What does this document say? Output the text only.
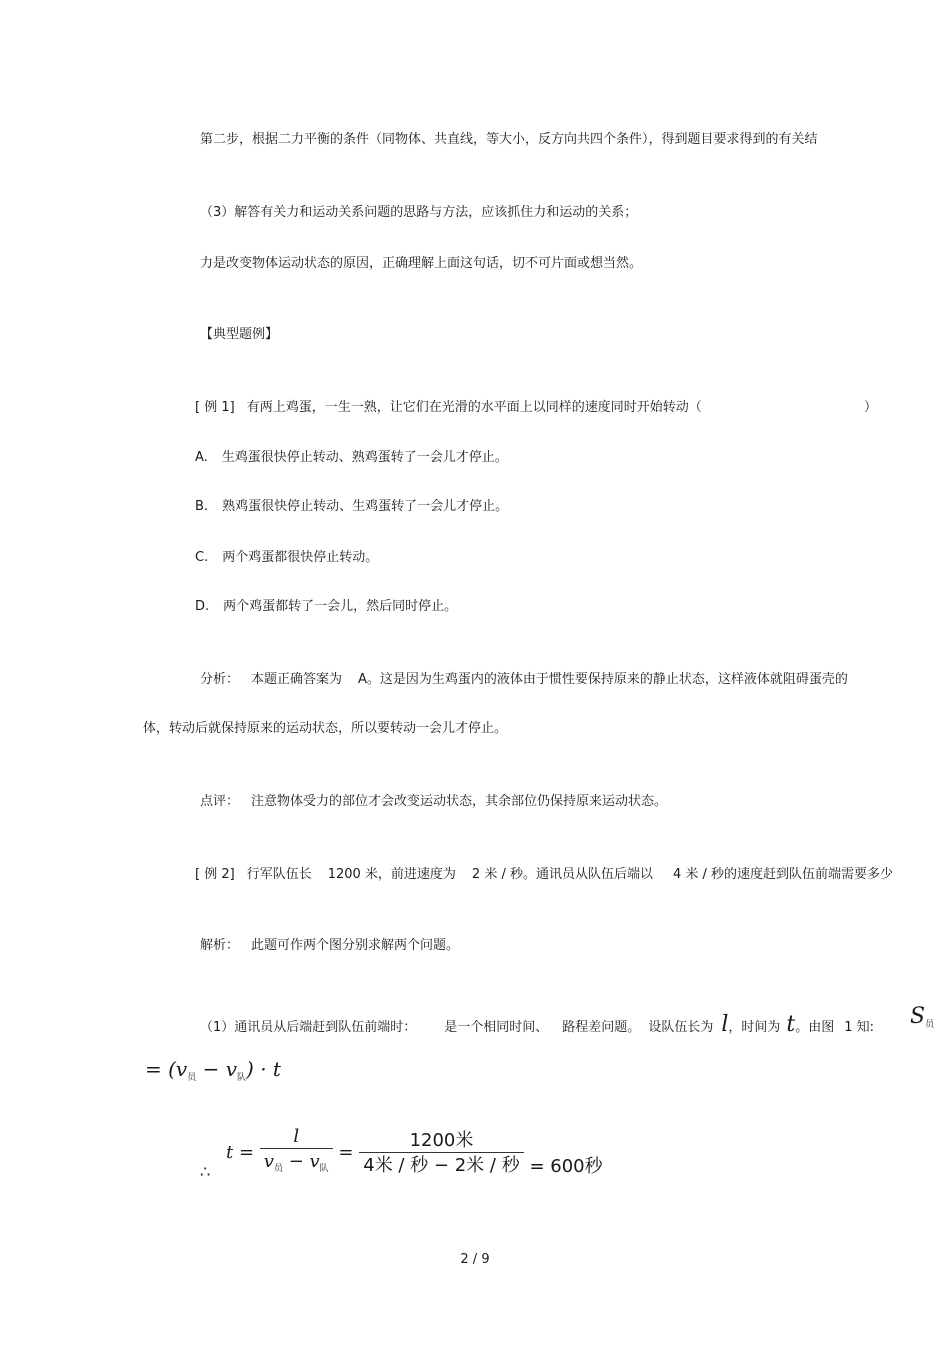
第二步，根据二力平衡的条件（同物体、共直线，等大小，反方向共四个条件），得到题目要求得到的有关结
（3）解答有关力和运动关系问题的思路与方法，应该抓住力和运动的关系；
力是改变物体运动状态的原因，正确理解上面这句话，切不可片面或想当然。
【典型题例】
[ 例 1] 有两上鸡蛋，一生一熟，让它们在光滑的水平面上以同样的速度同时开始转动（	）
A. 生鸡蛋很快停止转动、熟鸡蛋转了一会儿才停止。
B. 熟鸡蛋很快停止转动、生鸡蛋转了一会儿才停止。
C. 两个鸡蛋都很快停止转动。
D. 两个鸡蛋都转了一会儿，然后同时停止。
分析： 本题正确答案为 A。这是因为生鸡蛋内的液体由于惯性要保持原来的静止状态，这样液体就阻碍蛋壳的
体，转动后就保持原来的运动状态，所以要转动一会儿才停止。
点评： 注意物体受力的部位才会改变运动状态，其余部位仍保持原来运动状态。
[ 例 2] 行军队伍长 1200 米，前进速度为 2 米 / 秒。通讯员从队伍后端以 4 米 / 秒的速度赶到队伍前端需要多少
解析： 此题可作两个图分别求解两个问题。
（1）通讯员从后端赶到队伍前端时： 是一个相同时间、 路程差问题。 设队伍长为 l，时间为 t。由图 1 知: $S_员$
= $(v_员 - v_队) \cdot t$
∴
$t = \frac{l}{v_员 - v_队} = \frac{\text{1200米}}{\text{4米 / 秒 − 2米 / 秒}} = 600$秒
2 / 9
